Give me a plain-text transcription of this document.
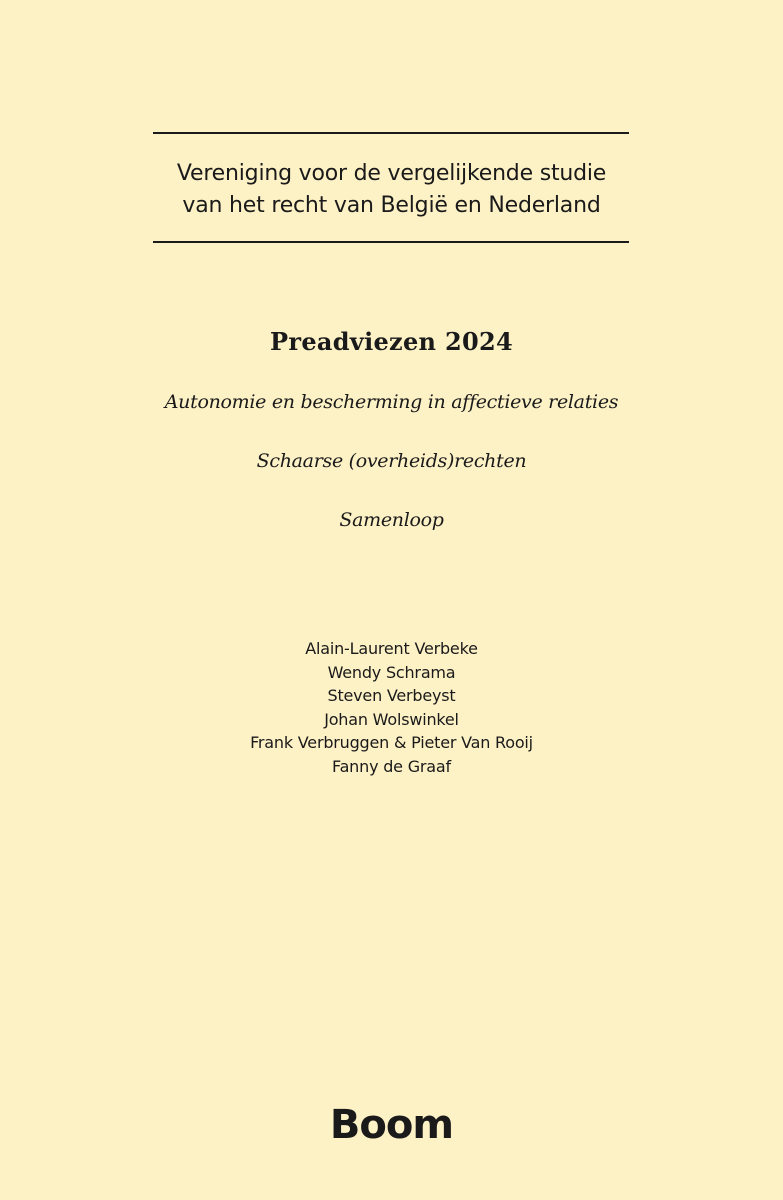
Vereniging voor de vergelijkende studie
van het recht van België en Nederland
Preadviezen 2024
Autonomie en bescherming in affectieve relaties
Schaarse (overheids)rechten
Samenloop
Alain-Laurent Verbeke
Wendy Schrama
Steven Verbeyst
Johan Wolswinkel
Frank Verbruggen & Pieter Van Rooij
Fanny de Graaf
Boom
